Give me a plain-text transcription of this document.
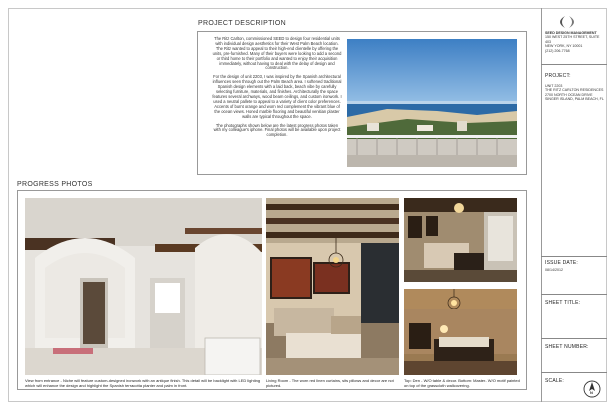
PROJECT DESCRIPTION

The Ritz Carlton, commissioned SEED to design four residential units with individual design aesthetics for their West Palm Beach location. The Ritz wanted to appeal to their high-end clientelle by offering the units, pre-furnished. Many of their buyers were looking to add a second or third home to their portfolio and wanted to enjoy their acquisition immediately, without having to deal with the delay of design and construction.

For the design of unit 2203, I was inspired by the Spanish architectural influences seen through out the Palm Beach area. I softened traditional Spanish design elements with a laid back, beach vibe by carefully selecting furniture, materials, and finishes. Architecturally the space features several archways, wood beam ceilings, and custom ironwork. I used a neutral pallete to appeal to a variety of client color preferences. Accents of burnt orange and worn red complement the vibrant blue of the ocean views. Honed marble flooring and beautiful venitian plaster walls are typical throughout the space.

The photographs shown below are the latest progress photos taken with my colleague's iphone. Final photos will be available upon project completion.

PROGRESS PHOTOS
View from entrance - Niche will feature custom-designed ironwork with an antique finish. This detail will be backlight with LED lighting which will enhance the design and highlight the Spanish terracotta planter and palm in front.
Living Room - The worn red linen curtains, sits pillows and decor are not pictured.
Top: Den - W/O table & decor. Bottom: Master- W/O motif painted on top of the grasscloth wallcovering.
SEED DESIGN MANAGEMENT
150 WEST 25TH STREET, SUITE 403
NEW YORK, NY 10001
(212) 206-7768
PROJECT:
UNIT 2203
THE RITZ CARLTON RESIDENCES
2700 NORTH OCEAN DRIVE
SINGER ISLAND, PALM BEACH, FL
ISSUE DATE:
08/14/2012
SHEET TITLE:
SHEET NUMBER:
SCALE:
N
